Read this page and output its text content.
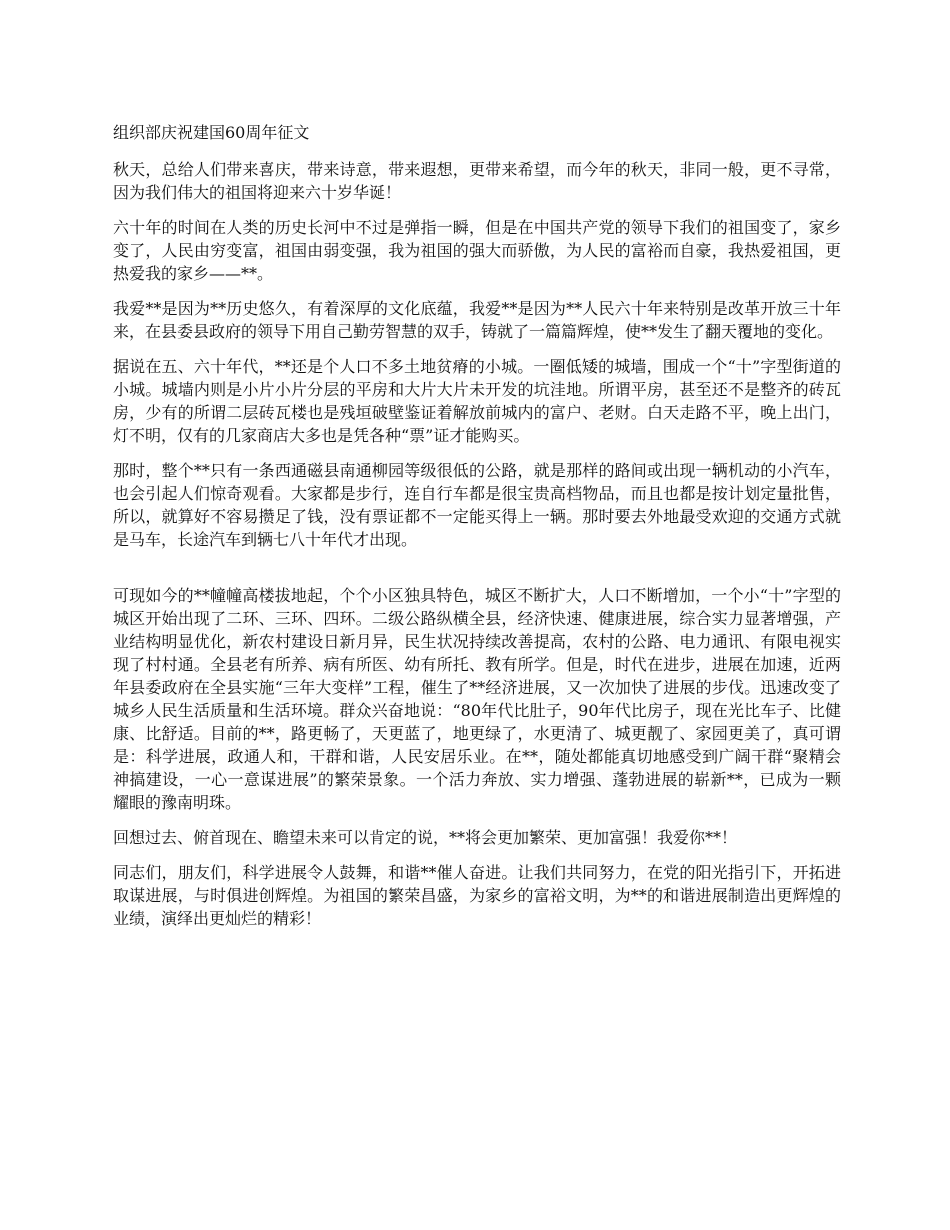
组织部庆祝建国60周年征文

秋天，总给人们带来喜庆，带来诗意，带来遐想，更带来希望，而今年的秋天，非同一般，更不寻常，因为我们伟大的祖国将迎来六十岁华诞！

六十年的时间在人类的历史长河中不过是弹指一瞬，但是在中国共产党的领导下我们的祖国变了，家乡变了，人民由穷变富，祖国由弱变强，我为祖国的强大而骄傲，为人民的富裕而自豪，我热爱祖国，更热爱我的家乡——**。

我爱**是因为**历史悠久，有着深厚的文化底蕴，我爱**是因为**人民六十年来特别是改革开放三十年来，在县委县政府的领导下用自己勤劳智慧的双手，铸就了一篇篇辉煌，使**发生了翻天覆地的变化。

据说在五、六十年代，**还是个人口不多土地贫瘠的小城。一圈低矮的城墙，围成一个“十”字型街道的小城。城墙内则是小片小片分层的平房和大片大片未开发的坑洼地。所谓平房，甚至还不是整齐的砖瓦房，少有的所谓二层砖瓦楼也是残垣破壁鉴证着解放前城内的富户、老财。白天走路不平，晚上出门，灯不明，仅有的几家商店大多也是凭各种“票”证才能购买。

那时，整个**只有一条西通磁县南通柳园等级很低的公路，就是那样的路间或出现一辆机动的小汽车，也会引起人们惊奇观看。大家都是步行，连自行车都是很宝贵高档物品，而且也都是按计划定量批售，所以，就算好不容易攒足了钱，没有票证都不一定能买得上一辆。那时要去外地最受欢迎的交通方式就是马车，长途汽车到辆七八十年代才出现。

可现如今的**幢幢高楼拔地起，个个小区独具特色，城区不断扩大，人口不断增加，一个小“十”字型的城区开始出现了二环、三环、四环。二级公路纵横全县，经济快速、健康进展，综合实力显著增强，产业结构明显优化，新农村建设日新月异，民生状况持续改善提高，农村的公路、电力通讯、有限电视实现了村村通。全县老有所养、病有所医、幼有所托、教有所学。但是，时代在进步，进展在加速，近两年县委政府在全县实施“三年大变样”工程，催生了**经济进展，又一次加快了进展的步伐。迅速改变了城乡人民生活质量和生活环境。群众兴奋地说：“80年代比肚子，90年代比房子，现在光比车子、比健康、比舒适。目前的**，路更畅了，天更蓝了，地更绿了，水更清了、城更靓了、家园更美了，真可谓是：科学进展，政通人和，干群和谐，人民安居乐业。在**，随处都能真切地感受到广阔干群“聚精会神搞建设，一心一意谋进展”的繁荣景象。一个活力奔放、实力增强、蓬勃进展的崭新**，已成为一颗耀眼的豫南明珠。

回想过去、俯首现在、瞻望未来可以肯定的说，**将会更加繁荣、更加富强！我爱你**！

同志们，朋友们，科学进展令人鼓舞，和谐**催人奋进。让我们共同努力，在党的阳光指引下，开拓进取谋进展，与时俱进创辉煌。为祖国的繁荣昌盛，为家乡的富裕文明，为**的和谐进展制造出更辉煌的业绩，演绎出更灿烂的精彩！
